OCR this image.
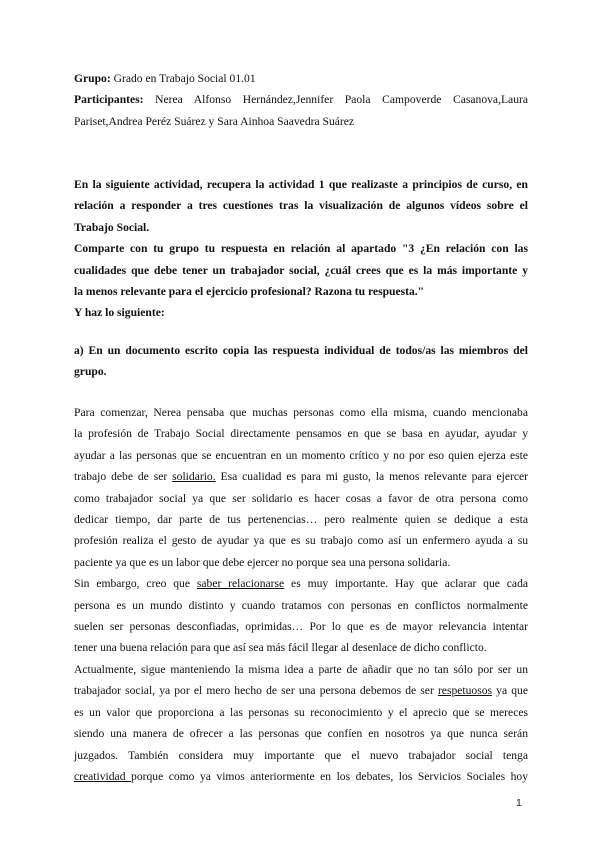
Grupo: Grado en Trabajo Social 01.01

Participantes: Nerea Alfonso Hernández,Jennifer Paola Campoverde Casanova,Laura

Pariset,Andrea Peréz Suárez y Sara Ainhoa Saavedra Suárez

En la siguiente actividad, recupera la actividad 1 que realizaste a principios de curso, en

relación a responder a tres cuestiones tras la visualización de algunos vídeos sobre el

Trabajo Social.

Comparte con tu grupo tu respuesta en relación al apartado "3 ¿En relación con las

cualidades que debe tener un trabajador social, ¿cuál crees que es la más importante y

la menos relevante para el ejercicio profesional? Razona tu respuesta."

Y haz lo siguiente:

a) En un documento escrito copia las respuesta individual de todos/as las miembros del

grupo.

Para comenzar, Nerea pensaba que muchas personas como ella misma, cuando mencionaba

la profesión de Trabajo Social directamente pensamos en que se basa en ayudar, ayudar y

ayudar a las personas que se encuentran en un momento crítico y no por eso quien ejerza este

trabajo debe de ser solidario. Esa cualidad es para mi gusto, la menos relevante para ejercer

como trabajador social ya que ser solidario es hacer cosas a favor de otra persona como

dedicar tiempo, dar parte de tus pertenencias… pero realmente quien se dedique a esta

profesión realiza el gesto de ayudar ya que es su trabajo como así un enfermero ayuda a su

paciente ya que es un labor que debe ejercer no porque sea una persona solidaria.

Sin embargo, creo que saber relacionarse es muy importante. Hay que aclarar que cada

persona es un mundo distinto y cuando tratamos con personas en conflictos normalmente

suelen ser personas desconfiadas, oprimidas… Por lo que es de mayor relevancia intentar

tener una buena relación para que así sea más fácil llegar al desenlace de dicho conflicto.

Actualmente, sigue manteniendo la misma idea a parte de añadir que no tan sólo por ser un

trabajador social, ya por el mero hecho de ser una persona debemos de ser respetuosos ya que

es un valor que proporciona a las personas su reconocimiento y el aprecio que se mereces

siendo una manera de ofrecer a las personas que confíen en nosotros ya que nunca serán

juzgados. También considera muy importante que el nuevo trabajador social tenga

creatividad porque como ya vimos anteriormente en los debates, los Servicios Sociales hoy

1
